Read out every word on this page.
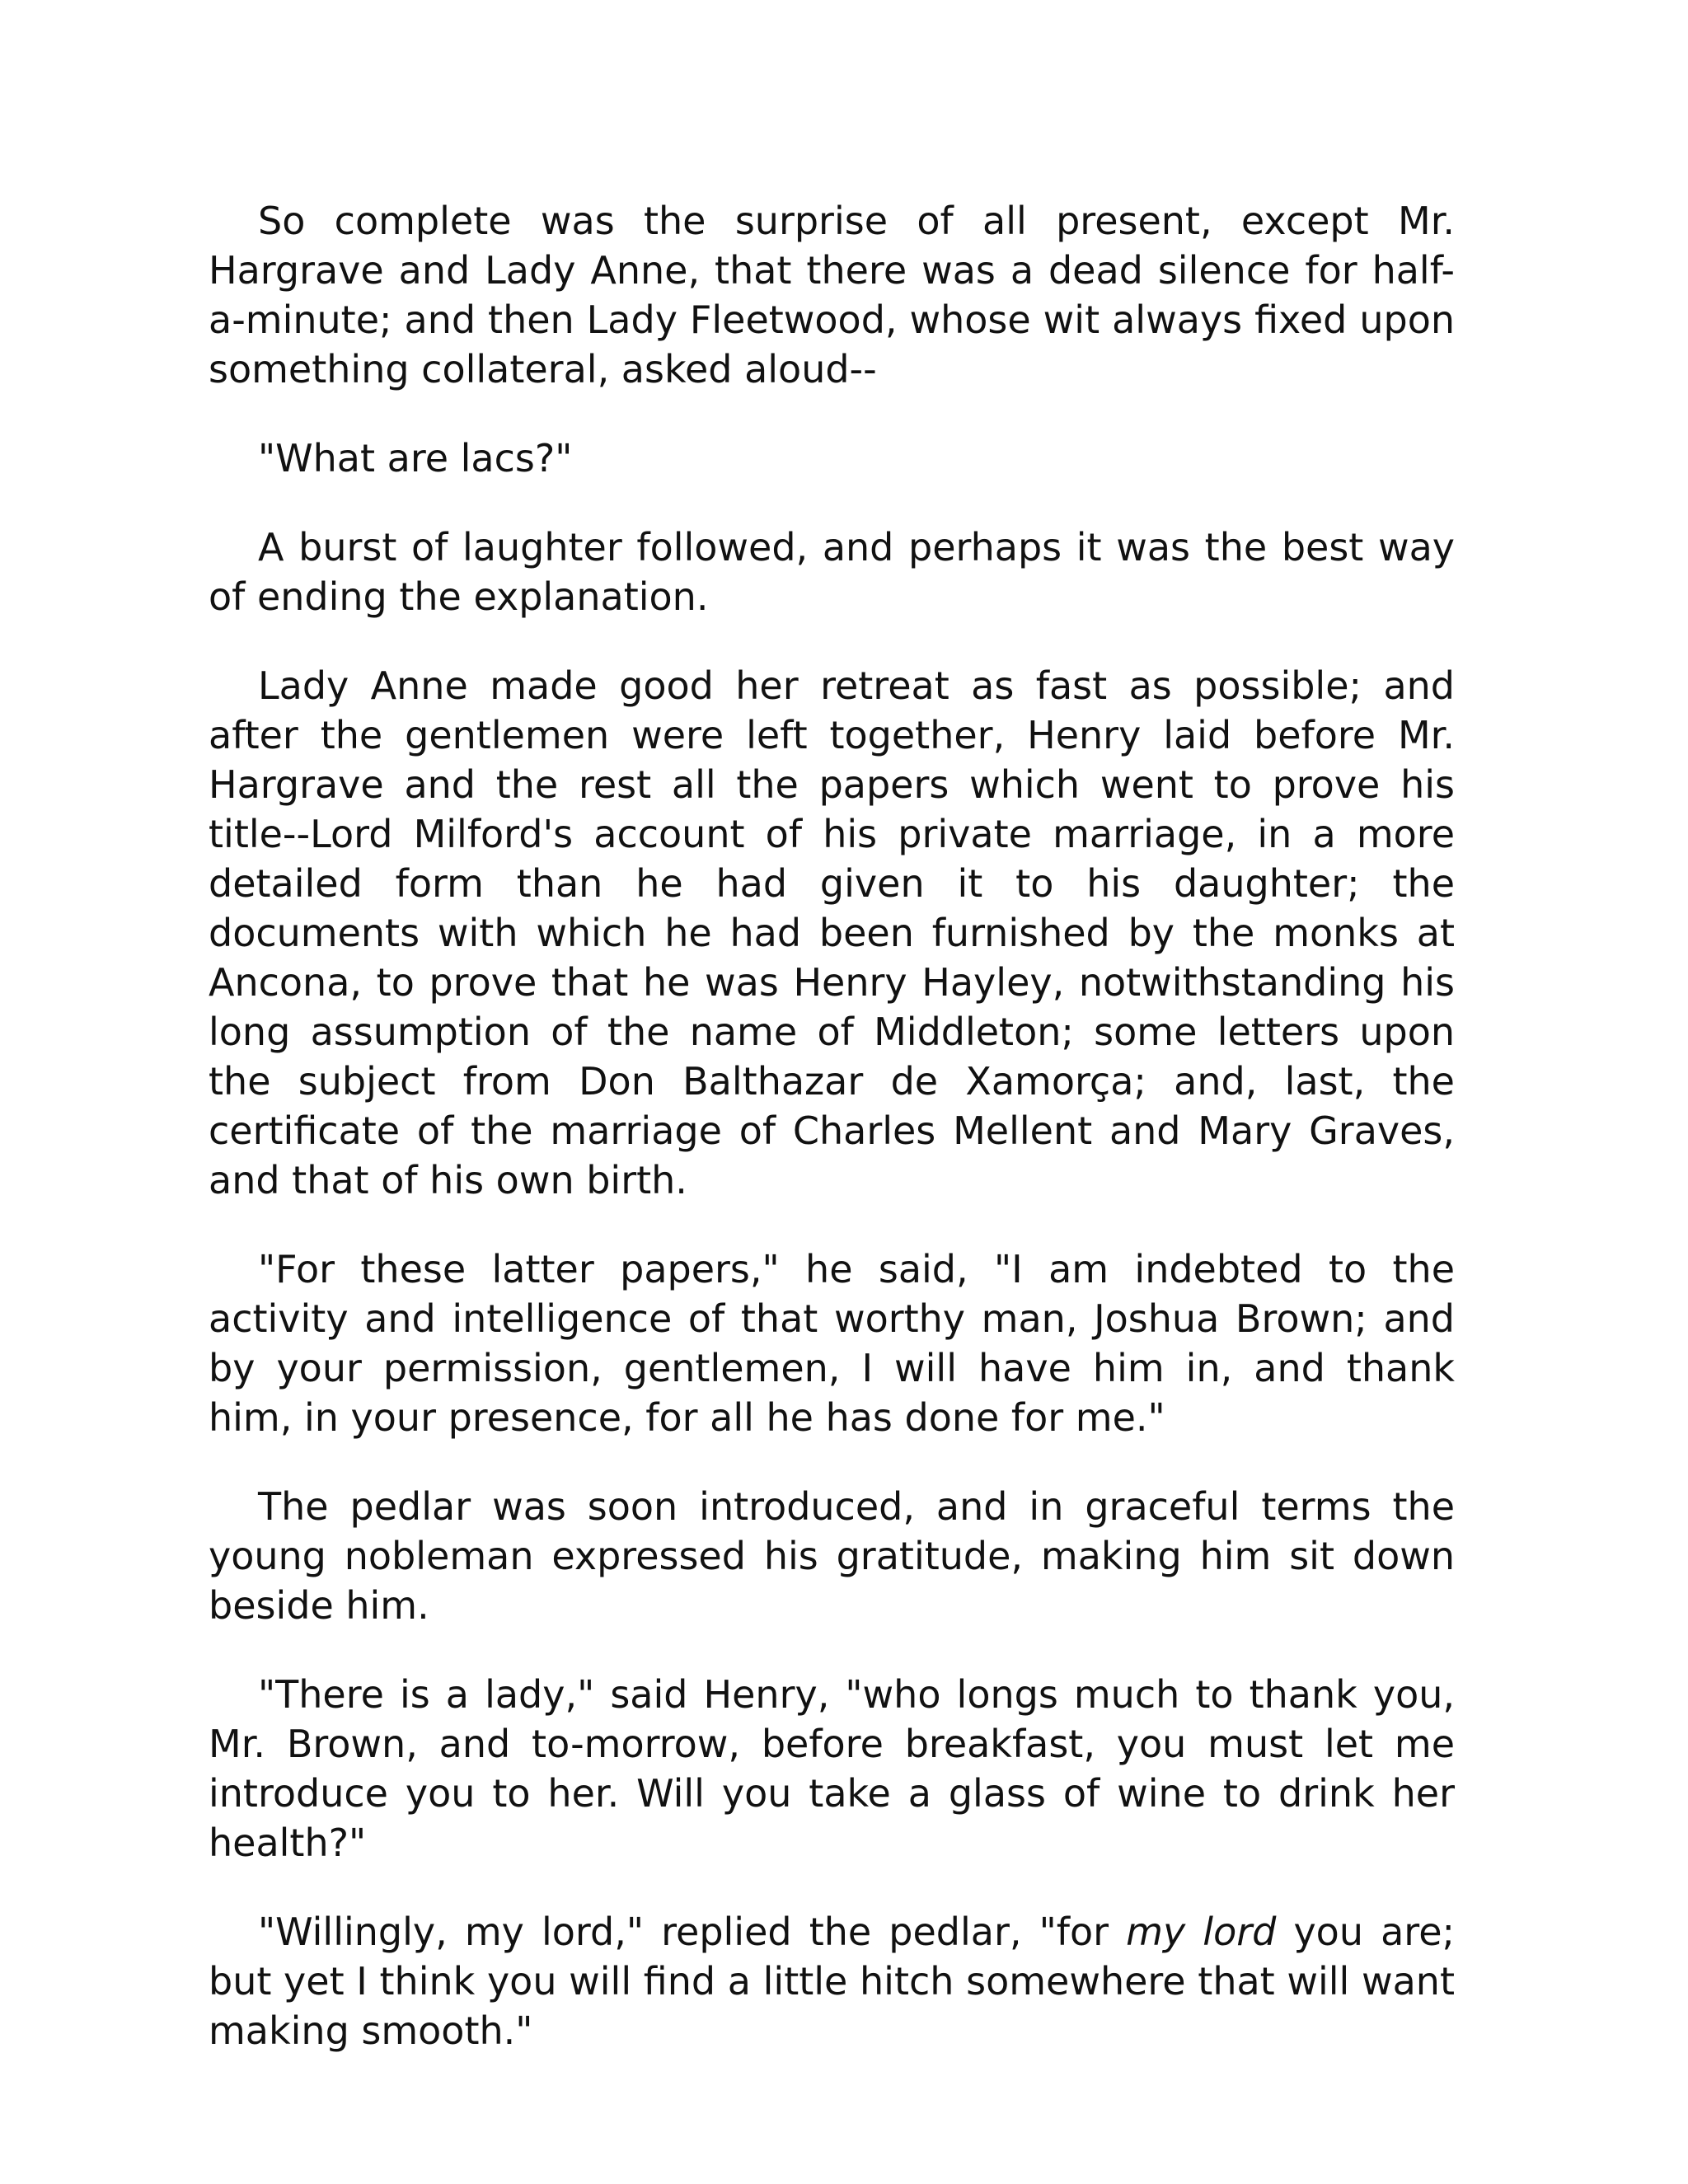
So complete was the surprise of all present, except Mr. Hargrave and Lady Anne, that there was a dead silence for half-a-minute; and then Lady Fleetwood, whose wit always fixed upon something collateral, asked aloud--

"What are lacs?"

A burst of laughter followed, and perhaps it was the best way of ending the explanation.

Lady Anne made good her retreat as fast as possible; and after the gentlemen were left together, Henry laid before Mr. Hargrave and the rest all the papers which went to prove his title--Lord Milford's account of his private marriage, in a more detailed form than he had given it to his daughter; the documents with which he had been furnished by the monks at Ancona, to prove that he was Henry Hayley, notwithstanding his long assumption of the name of Middleton; some letters upon the subject from Don Balthazar de Xamorça; and, last, the certificate of the marriage of Charles Mellent and Mary Graves, and that of his own birth.

"For these latter papers," he said, "I am indebted to the activity and intelligence of that worthy man, Joshua Brown; and by your permission, gentlemen, I will have him in, and thank him, in your presence, for all he has done for me."

The pedlar was soon introduced, and in graceful terms the young nobleman expressed his gratitude, making him sit down beside him.

"There is a lady," said Henry, "who longs much to thank you, Mr. Brown, and to-morrow, before breakfast, you must let me introduce you to her. Will you take a glass of wine to drink her health?"

"Willingly, my lord," replied the pedlar, "for my lord you are; but yet I think you will find a little hitch somewhere that will want making smooth."
